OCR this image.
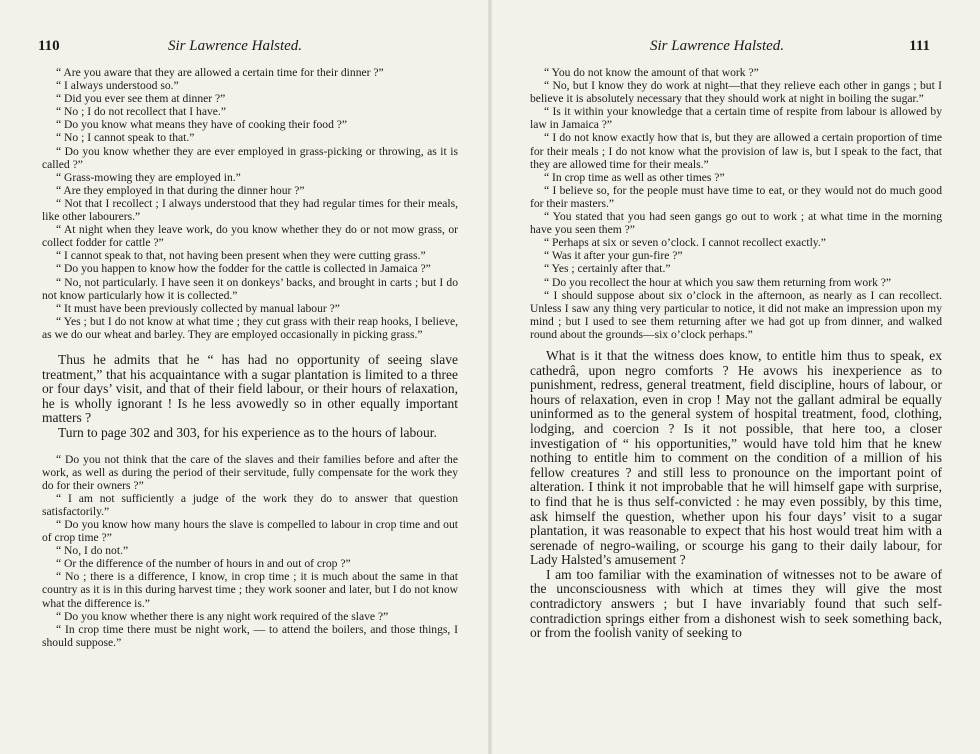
110	Sir Lawrence Halsted.

“ Are you aware that they are allowed a certain time for their dinner ?”

“ I always understood so.”

“ Did you ever see them at dinner ?”

“ No ; I do not recollect that I have.”

“ Do you know what means they have of cooking their food ?”

“ No ; I cannot speak to that.”

“ Do you know whether they are ever employed in grass-picking or throwing, as it is called ?”

“ Grass-mowing they are employed in.”

“ Are they employed in that during the dinner hour ?”

“ Not that I recollect ; I always understood that they had regular times for their meals, like other labourers.”

“ At night when they leave work, do you know whether they do or not mow grass, or collect fodder for cattle ?”

“ I cannot speak to that, not having been present when they were cutting grass.”

“ Do you happen to know how the fodder for the cattle is collected in Jamaica ?”

“ No, not particularly. I have seen it on donkeys’ backs, and brought in carts ; but I do not know particularly how it is collected.”

“ It must have been previously collected by manual labour ?”

“ Yes ; but I do not know at what time ; they cut grass with their reap hooks, I believe, as we do our wheat and barley. They are employed occasionally in picking grass.”

Thus he admits that he “ has had no opportunity of seeing slave treatment,” that his acquaintance with a sugar plantation is limited to a three or four days’ visit, and that of their field labour, or their hours of relaxation, he is wholly ignorant ! Is he less avowedly so in other equally important matters ?

Turn to page 302 and 303, for his experience as to the hours of labour.

“ Do you not think that the care of the slaves and their families before and after the work, as well as during the period of their servitude, fully compensate for the work they do for their owners ?”

“ I am not sufficiently a judge of the work they do to answer that question satisfactorily.”

“ Do you know how many hours the slave is compelled to labour in crop time and out of crop time ?”

“ No, I do not.”

“ Or the difference of the number of hours in and out of crop ?”

“ No ; there is a difference, I know, in crop time ; it is much about the same in that country as it is in this during harvest time ; they work sooner and later, but I do not know what the difference is.”

“ Do you know whether there is any night work required of the slave ?”

“ In crop time there must be night work, — to attend the boilers, and those things, I should suppose.”

Sir Lawrence Halsted.	111

“ You do not know the amount of that work ?”

“ No, but I know they do work at night—that they relieve each other in gangs ; but I believe it is absolutely necessary that they should work at night in boiling the sugar.”

“ Is it within your knowledge that a certain time of respite from labour is allowed by law in Jamaica ?”

“ I do not know exactly how that is, but they are allowed a certain proportion of time for their meals ; I do not know what the provision of law is, but I speak to the fact, that they are allowed time for their meals.”

“ In crop time as well as other times ?”

“ I believe so, for the people must have time to eat, or they would not do much good for their masters.”

“ You stated that you had seen gangs go out to work ; at what time in the morning have you seen them ?”

“ Perhaps at six or seven o’clock. I cannot recollect exactly.”

“ Was it after your gun-fire ?”

“ Yes ; certainly after that.”

“ Do you recollect the hour at which you saw them returning from work ?”

“ I should suppose about six o’clock in the afternoon, as nearly as I can recollect. Unless I saw any thing very particular to notice, it did not make an impression upon my mind ; but I used to see them returning after we had got up from dinner, and walked round about the grounds—six o’clock perhaps.”

What is it that the witness does know, to entitle him thus to speak, ex cathedrâ, upon negro comforts ? He avows his inexperience as to punishment, redress, general treatment, field discipline, hours of labour, or hours of relaxation, even in crop ! May not the gallant admiral be equally uninformed as to the general system of hospital treatment, food, clothing, lodging, and coercion ? Is it not possible, that here too, a closer investigation of “ his opportunities,” would have told him that he knew nothing to entitle him to comment on the condition of a million of his fellow creatures ? and still less to pronounce on the important point of alteration. I think it not improbable that he will himself gape with surprise, to find that he is thus self-convicted : he may even possibly, by this time, ask himself the question, whether upon his four days’ visit to a sugar plantation, it was reasonable to expect that his host would treat him with a serenade of negro-wailing, or scourge his gang to their daily labour, for Lady Halsted’s amusement ?

I am too familiar with the examination of witnesses not to be aware of the unconsciousness with which at times they will give the most contradictory answers ; but I have invariably found that such self-contradiction springs either from a dishonest wish to seek something back, or from the foolish vanity of seeking to
